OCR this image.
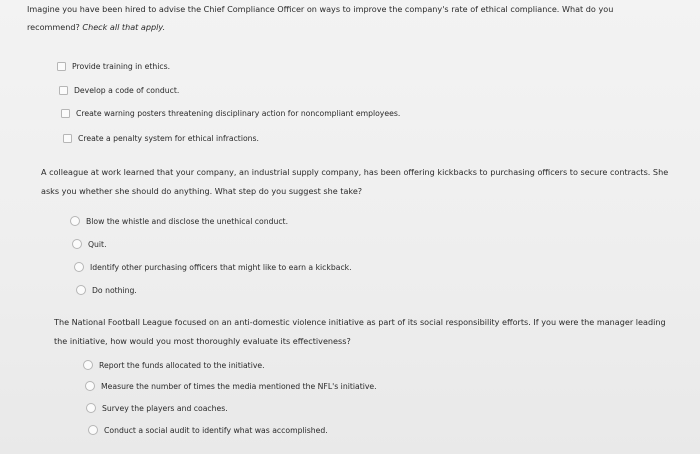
Imagine you have been hired to advise the Chief Compliance Officer on ways to improve the company's rate of ethical compliance. What do you recommend? Check all that apply.

Provide training in ethics.
Develop a code of conduct.
Create warning posters threatening disciplinary action for noncompliant employees.
Create a penalty system for ethical infractions.

A colleague at work learned that your company, an industrial supply company, has been offering kickbacks to purchasing officers to secure contracts. She asks you whether she should do anything. What step do you suggest she take?

Blow the whistle and disclose the unethical conduct.
Quit.
Identify other purchasing officers that might like to earn a kickback.
Do nothing.

The National Football League focused on an anti-domestic violence initiative as part of its social responsibility efforts. If you were the manager leading the initiative, how would you most thoroughly evaluate its effectiveness?

Report the funds allocated to the initiative.
Measure the number of times the media mentioned the NFL's initiative.
Survey the players and coaches.
Conduct a social audit to identify what was accomplished.
